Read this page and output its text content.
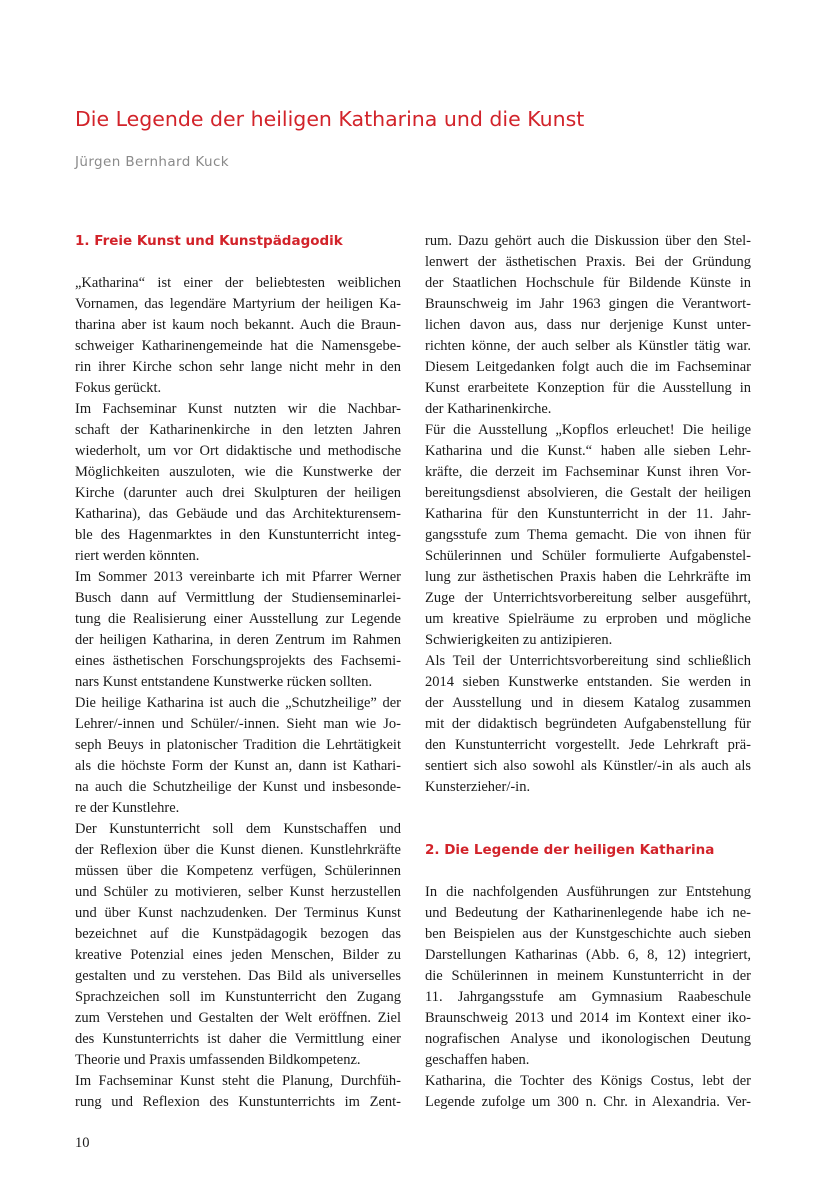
Die Legende der heiligen Katharina und die Kunst

Jürgen Bernhard Kuck

1. Freie Kunst und Kunstpädagodik

„Katharina“ ist einer der beliebtesten weiblichen
Vornamen, das legendäre Martyrium der heiligen Ka-
tharina aber ist kaum noch bekannt. Auch die Braun-
schweiger Katharinengemeinde hat die Namensgebe-
rin ihrer Kirche schon sehr lange nicht mehr in den
Fokus gerückt.

Im Fachseminar Kunst nutzten wir die Nachbar-
schaft der Katharinenkirche in den letzten Jahren
wiederholt, um vor Ort didaktische und methodische
Möglichkeiten auszuloten, wie die Kunstwerke der
Kirche (darunter auch drei Skulpturen der heiligen
Katharina), das Gebäude und das Architekturensem-
ble des Hagenmarktes in den Kunstunterricht integ-
riert werden könnten.

Im Sommer 2013 vereinbarte ich mit Pfarrer Werner
Busch dann auf Vermittlung der Studienseminarlei-
tung die Realisierung einer Ausstellung zur Legende
der heiligen Katharina, in deren Zentrum im Rahmen
eines ästhetischen Forschungsprojekts des Fachsemi-
nars Kunst entstandene Kunstwerke rücken sollten.

Die heilige Katharina ist auch die „Schutzheilige” der
Lehrer/-innen und Schüler/-innen. Sieht man wie Jo-
seph Beuys in platonischer Tradition die Lehrtätigkeit
als die höchste Form der Kunst an, dann ist Kathari-
na auch die Schutzheilige der Kunst und insbesonde-
re der Kunstlehre.

Der Kunstunterricht soll dem Kunstschaffen und
der Reflexion über die Kunst dienen. Kunstlehrkräfte
müssen über die Kompetenz verfügen, Schülerinnen
und Schüler zu motivieren, selber Kunst herzustellen
und über Kunst nachzudenken. Der Terminus Kunst
bezeichnet auf die Kunstpädagogik bezogen das
kreative Potenzial eines jeden Menschen, Bilder zu
gestalten und zu verstehen. Das Bild als universelles
Sprachzeichen soll im Kunstunterricht den Zugang
zum Verstehen und Gestalten der Welt eröffnen. Ziel
des Kunstunterrichts ist daher die Vermittlung einer
Theorie und Praxis umfassenden Bildkompetenz.

Im Fachseminar Kunst steht die Planung, Durchfüh-
rung und Reflexion des Kunstunterrichts im Zent-

rum. Dazu gehört auch die Diskussion über den Stel-
lenwert der ästhetischen Praxis. Bei der Gründung
der Staatlichen Hochschule für Bildende Künste in
Braunschweig im Jahr 1963 gingen die Verantwort-
lichen davon aus, dass nur derjenige Kunst unter-
richten könne, der auch selber als Künstler tätig war.
Diesem Leitgedanken folgt auch die im Fachseminar
Kunst erarbeitete Konzeption für die Ausstellung in
der Katharinenkirche.

Für die Ausstellung „Kopflos erleuchet! Die heilige
Katharina und die Kunst.“ haben alle sieben Lehr-
kräfte, die derzeit im Fachseminar Kunst ihren Vor-
bereitungsdienst absolvieren, die Gestalt der heiligen
Katharina für den Kunstunterricht in der 11. Jahr-
gangsstufe zum Thema gemacht. Die von ihnen für
Schülerinnen und Schüler formulierte Aufgabenstel-
lung zur ästhetischen Praxis haben die Lehrkräfte im
Zuge der Unterrichtsvorbereitung selber ausgeführt,
um kreative Spielräume zu erproben und mögliche
Schwierigkeiten zu antizipieren.

Als Teil der Unterrichtsvorbereitung sind schließlich
2014 sieben Kunstwerke entstanden. Sie werden in
der Ausstellung und in diesem Katalog zusammen
mit der didaktisch begründeten Aufgabenstellung für
den Kunstunterricht vorgestellt. Jede Lehrkraft prä-
sentiert sich also sowohl als Künstler/-in als auch als
Kunsterzieher/-in.

2. Die Legende der heiligen Katharina

In die nachfolgenden Ausführungen zur Entstehung
und Bedeutung der Katharinenlegende habe ich ne-
ben Beispielen aus der Kunstgeschichte auch sieben
Darstellungen Katharinas (Abb. 6, 8, 12) integriert,
die Schülerinnen in meinem Kunstunterricht in der
11. Jahrgangsstufe am Gymnasium Raabeschule
Braunschweig 2013 und 2014 im Kontext einer iko-
nografischen Analyse und ikonologischen Deutung
geschaffen haben.

Katharina, die Tochter des Königs Costus, lebt der
Legende zufolge um 300 n. Chr. in Alexandria. Ver-

10
